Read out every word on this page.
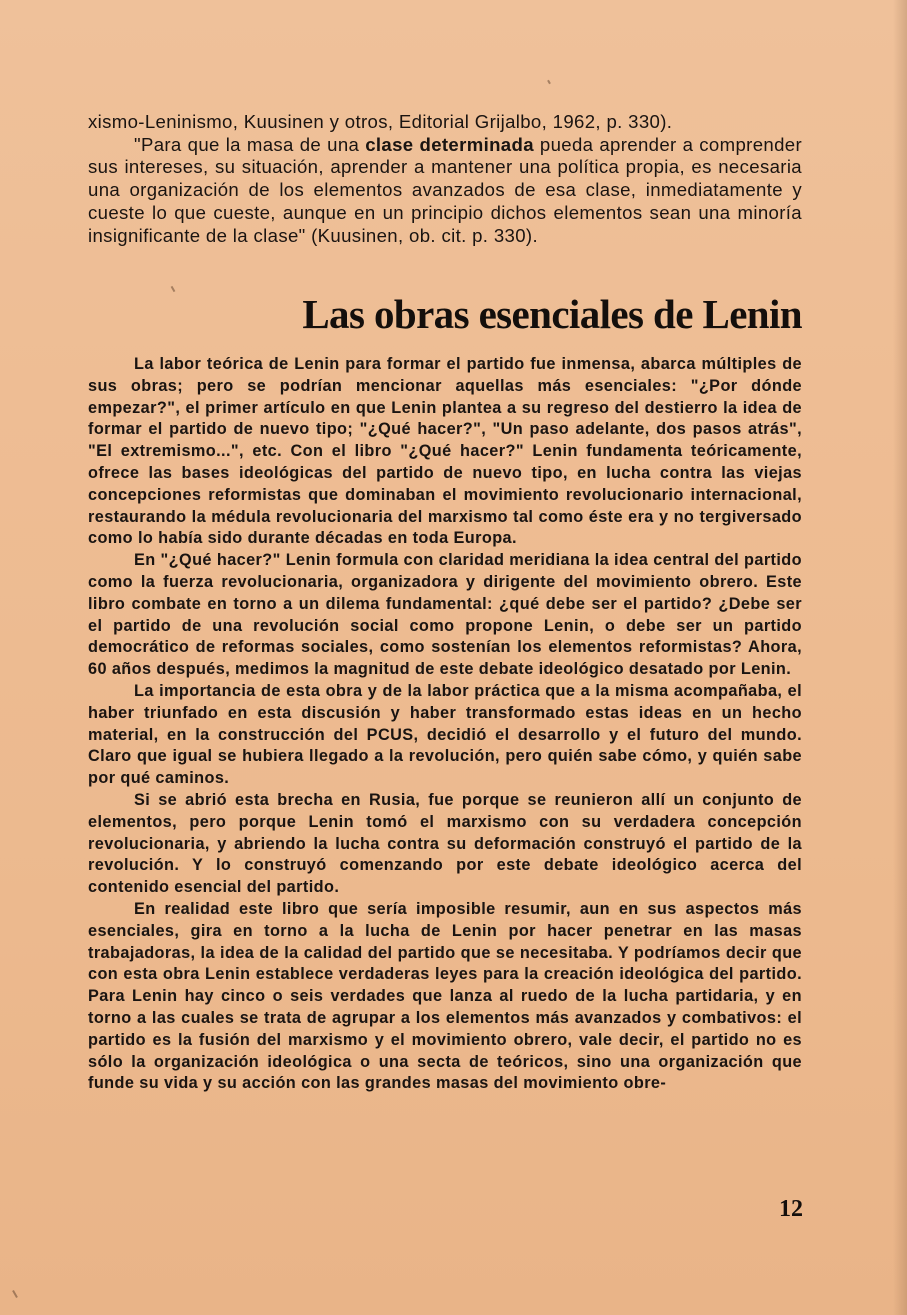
xismo-Leninismo, Kuusinen y otros, Editorial Grijalbo, 1962, p. 330).

"Para que la masa de una clase determinada pueda aprender a comprender sus intereses, su situación, aprender a mantener una política propia, es necesaria una organización de los elementos avanzados de esa clase, inmediatamente y cueste lo que cueste, aunque en un principio dichos elementos sean una minoría insignificante de la clase" (Kuusinen, ob. cit. p. 330).

Las obras esenciales de Lenin

La labor teórica de Lenin para formar el partido fue inmensa, abarca múltiples de sus obras; pero se podrían mencionar aquellas más esenciales: "¿Por dónde empezar?", el primer artículo en que Lenin plantea a su regreso del destierro la idea de formar el partido de nuevo tipo; "¿Qué hacer?", "Un paso adelante, dos pasos atrás", "El extremismo...", etc. Con el libro "¿Qué hacer?" Lenin fundamenta teóricamente, ofrece las bases ideológicas del partido de nuevo tipo, en lucha contra las viejas concepciones reformistas que dominaban el movimiento revolucionario internacional, restaurando la médula revolucionaria del marxismo tal como éste era y no tergiversado como lo había sido durante décadas en toda Europa.

En "¿Qué hacer?" Lenin formula con claridad meridiana la idea central del partido como la fuerza revolucionaria, organizadora y dirigente del movimiento obrero. Este libro combate en torno a un dilema fundamental: ¿qué debe ser el partido? ¿Debe ser el partido de una revolución social como propone Lenin, o debe ser un partido democrático de reformas sociales, como sostenían los elementos reformistas? Ahora, 60 años después, medimos la magnitud de este debate ideológico desatado por Lenin.

La importancia de esta obra y de la labor práctica que a la misma acompañaba, el haber triunfado en esta discusión y haber transformado estas ideas en un hecho material, en la construcción del PCUS, decidió el desarrollo y el futuro del mundo. Claro que igual se hubiera llegado a la revolución, pero quién sabe cómo, y quién sabe por qué caminos.

Si se abrió esta brecha en Rusia, fue porque se reunieron allí un conjunto de elementos, pero porque Lenin tomó el marxismo con su verdadera concepción revolucionaria, y abriendo la lucha contra su deformación construyó el partido de la revolución. Y lo construyó comenzando por este debate ideológico acerca del contenido esencial del partido.

En realidad este libro que sería imposible resumir, aun en sus aspectos más esenciales, gira en torno a la lucha de Lenin por hacer penetrar en las masas trabajadoras, la idea de la calidad del partido que se necesitaba. Y podríamos decir que con esta obra Lenin establece verdaderas leyes para la creación ideológica del partido. Para Lenin hay cinco o seis verdades que lanza al ruedo de la lucha partidaria, y en torno a las cuales se trata de agrupar a los elementos más avanzados y combativos: el partido es la fusión del marxismo y el movimiento obrero, vale decir, el partido no es sólo la organización ideológica o una secta de teóricos, sino una organización que funde su vida y su acción con las grandes masas del movimiento obre-

12
